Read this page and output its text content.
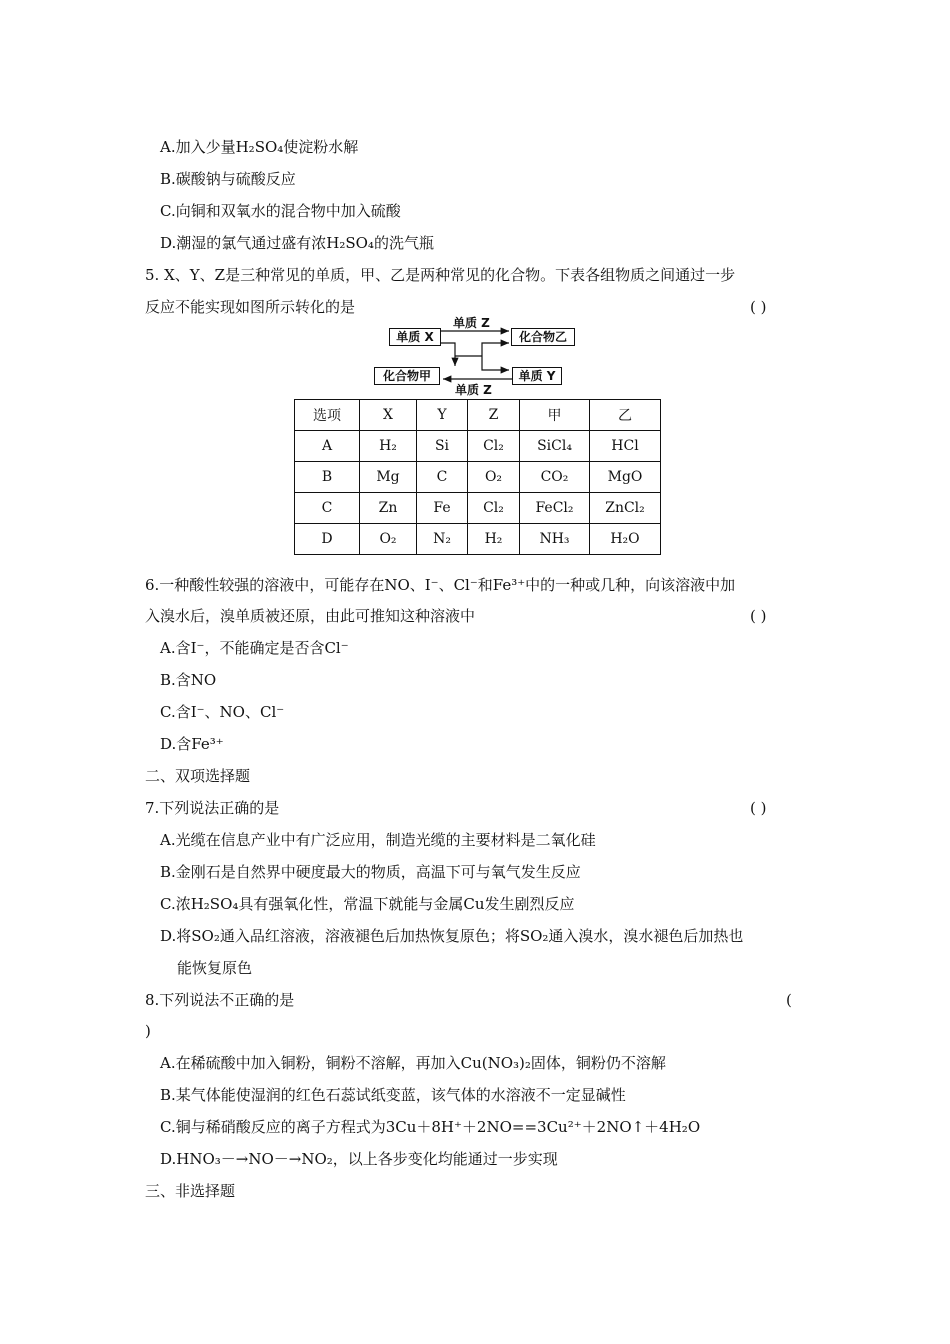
A.加入少量H₂SO₄使淀粉水解
B.碳酸钠与硫酸反应
C.向铜和双氧水的混合物中加入硫酸
D.潮湿的氯气通过盛有浓H₂SO₄的洗气瓶
5. X、Y、Z是三种常见的单质，甲、乙是两种常见的化合物。下表各组物质之间通过一步
反应不能实现如图所示转化的是	( )
单质 Z
单质 X	化合物乙
化合物甲	单质 Y
单质 Z
选项	X	Y	Z	甲	乙
A	H₂	Si	Cl₂	SiCl₄	HCl
B	Mg	C	O₂	CO₂	MgO
C	Zn	Fe	Cl₂	FeCl₂	ZnCl₂
D	O₂	N₂	H₂	NH₃	H₂O
6.一种酸性较强的溶液中，可能存在NO、I⁻、Cl⁻和Fe³⁺中的一种或几种，向该溶液中加
入溴水后，溴单质被还原，由此可推知这种溶液中	( )
A.含I⁻，不能确定是否含Cl⁻
B.含NO
C.含I⁻、NO、Cl⁻
D.含Fe³⁺
二、双项选择题
7.下列说法正确的是	( )
A.光缆在信息产业中有广泛应用，制造光缆的主要材料是二氧化硅
B.金刚石是自然界中硬度最大的物质，高温下可与氧气发生反应
C.浓H₂SO₄具有强氧化性，常温下就能与金属Cu发生剧烈反应
D.将SO₂通入品红溶液，溶液褪色后加热恢复原色；将SO₂通入溴水，溴水褪色后加热也
能恢复原色
8.下列说法不正确的是	(
)
A.在稀硫酸中加入铜粉，铜粉不溶解，再加入Cu(NO₃)₂固体，铜粉仍不溶解
B.某气体能使湿润的红色石蕊试纸变蓝，该气体的水溶液不一定显碱性
C.铜与稀硝酸反应的离子方程式为3Cu＋8H⁺＋2NO==3Cu²⁺＋2NO↑＋4H₂O
D.HNO₃－→NO－→NO₂，以上各步变化均能通过一步实现
三、非选择题
